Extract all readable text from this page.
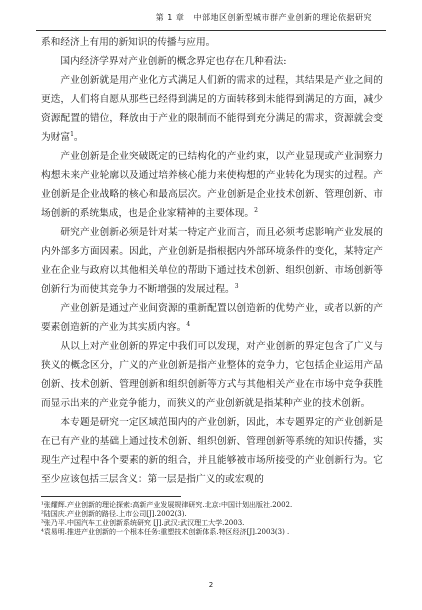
第 1 章 中部地区创新型城市群产业创新的理论依据研究

系和经济上有用的新知识的传播与应用。

国内经济学界对产业创新的概念界定也存在几种看法:

产业创新就是用产业化方式满足人们新的需求的过程，其结果是产业之间的更迭，人们将自愿从那些已经得到满足的方面转移到未能得到满足的方面，减少资源配置的错位，释放由于产业的限制而不能得到充分满足的需求，资源就会变为财富$^1$。

产业创新是企业突破既定的已结构化的产业约束，以产业显现或产业洞察力构想未来产业轮廓以及通过培养核心能力来使构想的产业转化为现实的过程。产业创新是企业战略的核心和最高层次。产业创新是企业技术创新、管理创新、市场创新的系统集成，也是企业家精神的主要体现。$^2$

研究产业创新必须是针对某一特定产业而言，而且必须考虑影响产业发展的内外部多方面因素。因此，产业创新是指根据内外部环境条件的变化，某特定产业在企业与政府以其他相关单位的帮助下通过技术创新、组织创新、市场创新等创新行为而使其竞争力不断增强的发展过程。$^3$

产业创新是通过产业间资源的重新配置以创造新的优势产业，或者以新的产要素创造新的产业为其实质内容。$^4$

从以上对产业创新的界定中我们可以发现，对产业创新的界定包含了广义与狭义的概念区分，广义的产业创新是指产业整体的竞争力，它包括企业运用产品创新、技术创新、管理创新和组织创新等方式与其他相关产业在市场中竞争获胜而显示出来的产业竞争能力，而狭义的产业创新就是指某种产业的技术创新。

本专题是研究一定区域范围内的产业创新，因此，本专题界定的产业创新是在已有产业的基础上通过技术创新、组织创新、管理创新等系统的知识传播，实现生产过程中各个要素的新的组合，并且能够被市场所接受的产业创新行为。它至少应该包括三层含义：第一层是指广义的或宏观的

¹张耀辉.产业创新的理论探索:高新产业发展规律研究.北京:中国计划出版社.2002.
²陆国庆.产业创新的路径.上市公司[J].2002(3).
³张乃平.中国汽车工业创新系统研究 [J].武汉:武汉理工大学.2003.
⁴袁易明.推进产业创新的一个根本任务:重塑技术创新体系.特区经济[J].2003(3) .
2
